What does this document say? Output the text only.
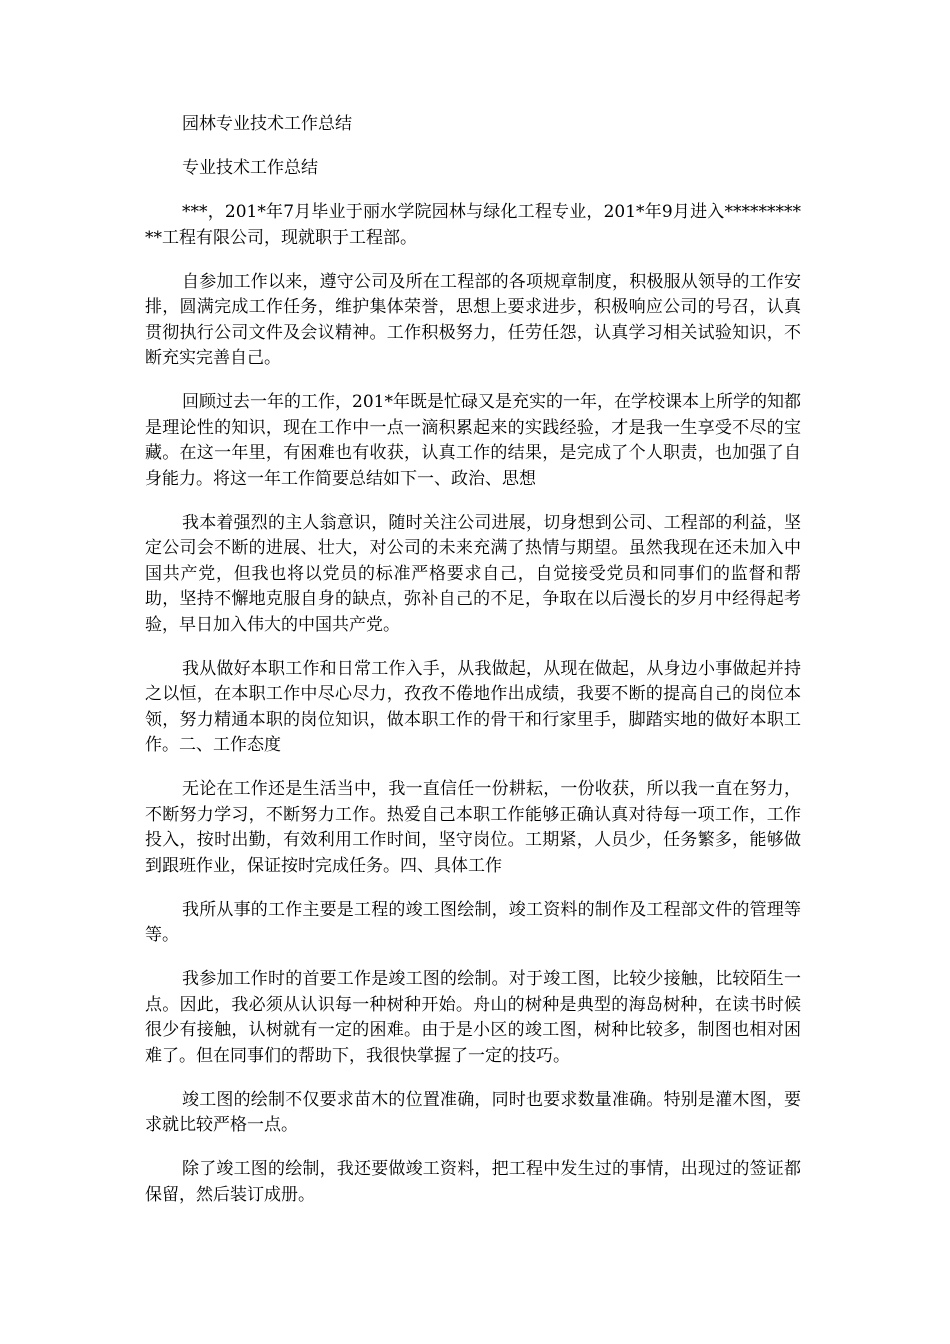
园林专业技术工作总结

专业技术工作总结

***，201*年7月毕业于丽水学院园林与绿化工程专业，201*年9月进入***********工程有限公司，现就职于工程部。

自参加工作以来，遵守公司及所在工程部的各项规章制度，积极服从领导的工作安排，圆满完成工作任务，维护集体荣誉，思想上要求进步，积极响应公司的号召，认真贯彻执行公司文件及会议精神。工作积极努力，任劳任怨，认真学习相关试验知识，不断充实完善自己。

回顾过去一年的工作，201*年既是忙碌又是充实的一年，在学校课本上所学的知都是理论性的知识，现在工作中一点一滴积累起来的实践经验，才是我一生享受不尽的宝藏。在这一年里，有困难也有收获，认真工作的结果，是完成了个人职责，也加强了自身能力。将这一年工作简要总结如下一、政治、思想

我本着强烈的主人翁意识，随时关注公司进展，切身想到公司、工程部的利益，坚定公司会不断的进展、壮大，对公司的未来充满了热情与期望。虽然我现在还未加入中国共产党，但我也将以党员的标准严格要求自己，自觉接受党员和同事们的监督和帮助，坚持不懈地克服自身的缺点，弥补自己的不足，争取在以后漫长的岁月中经得起考验，早日加入伟大的中国共产党。

我从做好本职工作和日常工作入手，从我做起，从现在做起，从身边小事做起并持之以恒，在本职工作中尽心尽力，孜孜不倦地作出成绩，我要不断的提高自己的岗位本领，努力精通本职的岗位知识，做本职工作的骨干和行家里手，脚踏实地的做好本职工作。二、工作态度

无论在工作还是生活当中，我一直信任一份耕耘，一份收获，所以我一直在努力，不断努力学习，不断努力工作。热爱自己本职工作能够正确认真对待每一项工作，工作投入，按时出勤，有效利用工作时间，坚守岗位。工期紧，人员少，任务繁多，能够做到跟班作业，保证按时完成任务。四、具体工作

我所从事的工作主要是工程的竣工图绘制，竣工资料的制作及工程部文件的管理等等。

我参加工作时的首要工作是竣工图的绘制。对于竣工图，比较少接触，比较陌生一点。因此，我必须从认识每一种树种开始。舟山的树种是典型的海岛树种，在读书时候很少有接触，认树就有一定的困难。由于是小区的竣工图，树种比较多，制图也相对困难了。但在同事们的帮助下，我很快掌握了一定的技巧。

竣工图的绘制不仅要求苗木的位置准确，同时也要求数量准确。特别是灌木图，要求就比较严格一点。

除了竣工图的绘制，我还要做竣工资料，把工程中发生过的事情，出现过的签证都保留，然后装订成册。
